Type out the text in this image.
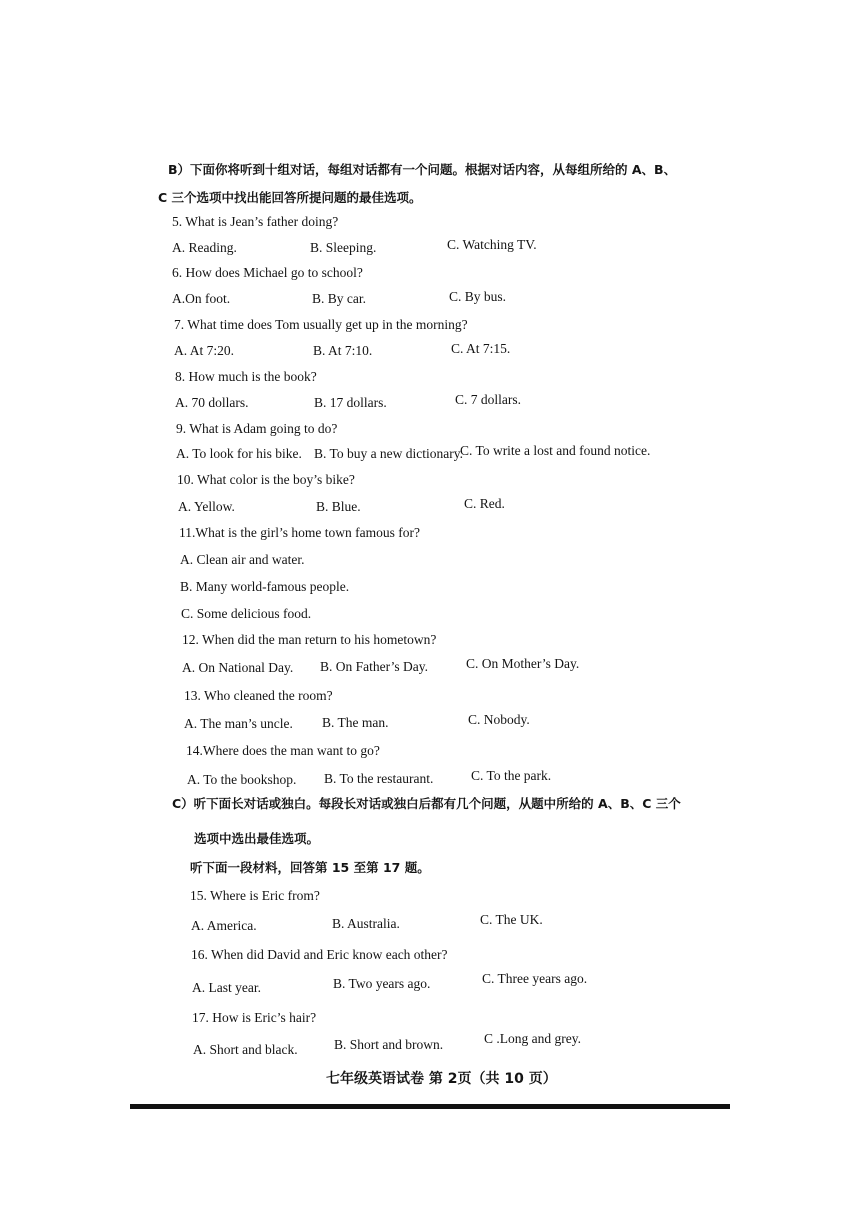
B）下面你将听到十组对话，每组对话都有一个问题。根据对话内容，从每组所给的 A、B、
C 三个选项中找出能回答所提问题的最佳选项。
5. What is Jean’s father doing?
A. Reading.	B. Sleeping.	C. Watching TV.
6. How does Michael go to school?
A.On foot.	B. By car.	C. By bus.
7. What time does Tom usually get up in the morning?
A. At 7:20.	B. At 7:10.	C. At 7:15.
8. How much is the book?
A. 70 dollars.	B. 17 dollars.	C. 7 dollars.
9. What is Adam going to do?
A. To look for his bike. B. To buy a new dictionary.
C. To write a lost and found notice.
10. What color is the boy’s bike?
A. Yellow.	B. Blue.	C. Red.
11.What is the girl’s home town famous for?
A. Clean air and water.
B. Many world-famous people.
C. Some delicious food.
12. When did the man return to his hometown?
A. On National Day. B. On Father’s Day.	C. On Mother’s Day.
13. Who cleaned the room?
A. The man’s uncle. B. The man.	C. Nobody.
14.Where does the man want to go?
A. To the bookshop. B. To the restaurant.	C. To the park.
C）听下面长对话或独白。每段长对话或独白后都有几个问题，从题中所给的 A、B、C 三个
选项中选出最佳选项。
听下面一段材料，回答第 15 至第 17 题。
15. Where is Eric from?
A. America.	B. Australia.	C. The UK.
16. When did David and Eric know each other?
A. Last year.	B. Two years ago.	C. Three years ago.
17. How is Eric’s hair?
A. Short and black.	B. Short and brown.	C .Long and grey.
七年级英语试卷 第 2页（共 10 页）
